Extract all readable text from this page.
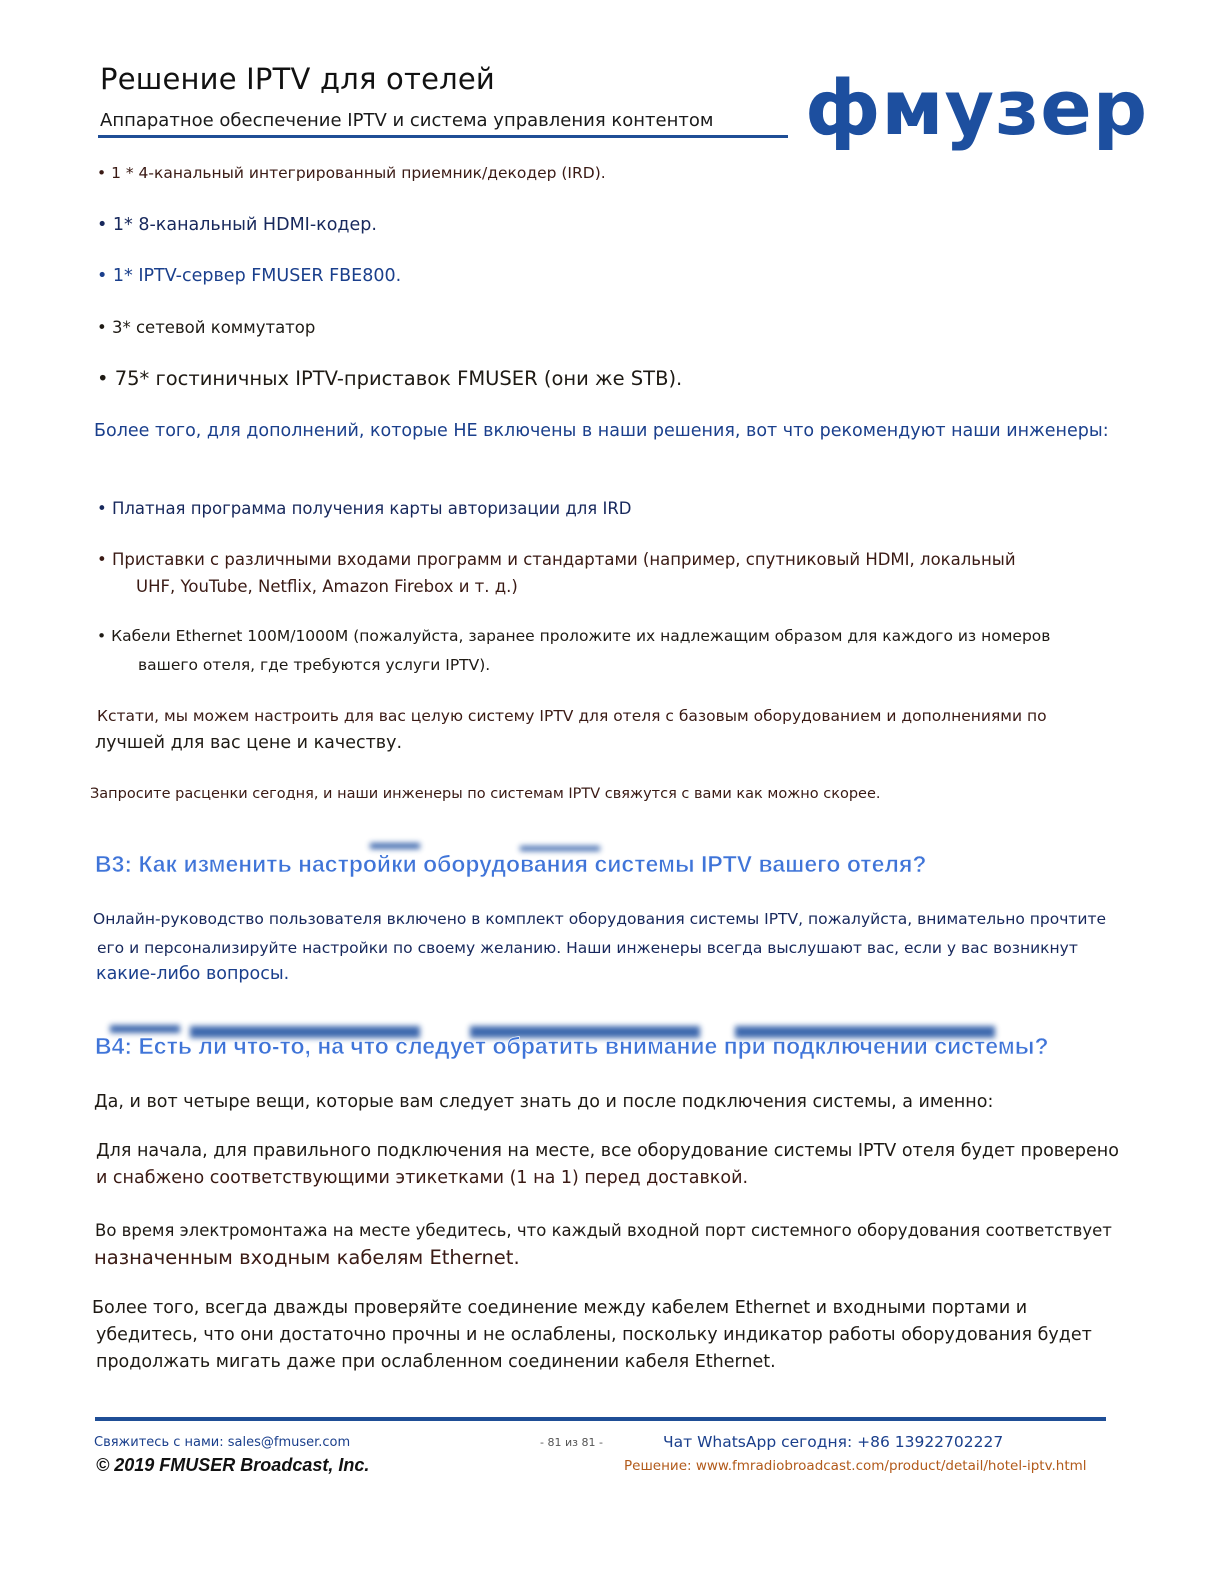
Решение IPTV для отелей

Аппаратное обеспечение IPTV и система управления контентом фмузер

• 1 * 4-канальный интегрированный приемник/декодер (IRD).

• 1* 8-канальный HDMI-кодер.

• 1* IPTV-сервер FMUSER FBE800.

• 3* сетевой коммутатор

• 75* гостиничных IPTV-приставок FMUSER (они же STB).

Более того, для дополнений, которые НЕ включены в наши решения, вот что рекомендуют наши инженеры:

• Платная программа получения карты авторизации для IRD

• Приставки с различными входами программ и стандартами (например, спутниковый HDMI, локальный

UHF, YouTube, Netflix, Amazon Firebox и т. д.)

• Кабели Ethernet 100M/1000M (пожалуйста, заранее проложите их надлежащим образом для каждого из номеров

вашего отеля, где требуются услуги IPTV).

Кстати, мы можем настроить для вас целую систему IPTV для отеля с базовым оборудованием и дополнениями по

лучшей для вас цене и качеству.

Запросите расценки сегодня, и наши инженеры по системам IPTV свяжутся с вами как можно скорее.

В3: Как изменить настройки оборудования системы IPTV вашего отеля?

Онлайн-руководство пользователя включено в комплект оборудования системы IPTV, пожалуйста, внимательно прочтите

его и персонализируйте настройки по своему желанию. Наши инженеры всегда выслушают вас, если у вас возникнут

какие-либо вопросы.

В4: Есть ли что-то, на что следует обратить внимание при подключении системы?

Да, и вот четыре вещи, которые вам следует знать до и после подключения системы, а именно:

Для начала, для правильного подключения на месте, все оборудование системы IPTV отеля будет проверено

и снабжено соответствующими этикетками (1 на 1) перед доставкой.

Во время электромонтажа на месте убедитесь, что каждый входной порт системного оборудования соответствует

назначенным входным кабелям Ethernet.

Более того, всегда дважды проверяйте соединение между кабелем Ethernet и входными портами и

убедитесь, что они достаточно прочны и не ослаблены, поскольку индикатор работы оборудования будет

продолжать мигать даже при ослабленном соединении кабеля Ethernet.

Свяжитесь с нами: sales@fmuser.com	- 81 из 81 -	Чат WhatsApp сегодня: +86 13922702227

© 2019 FMUSER Broadcast, Inc.	Решение: www.fmradiobroadcast.com/product/detail/hotel-iptv.html
